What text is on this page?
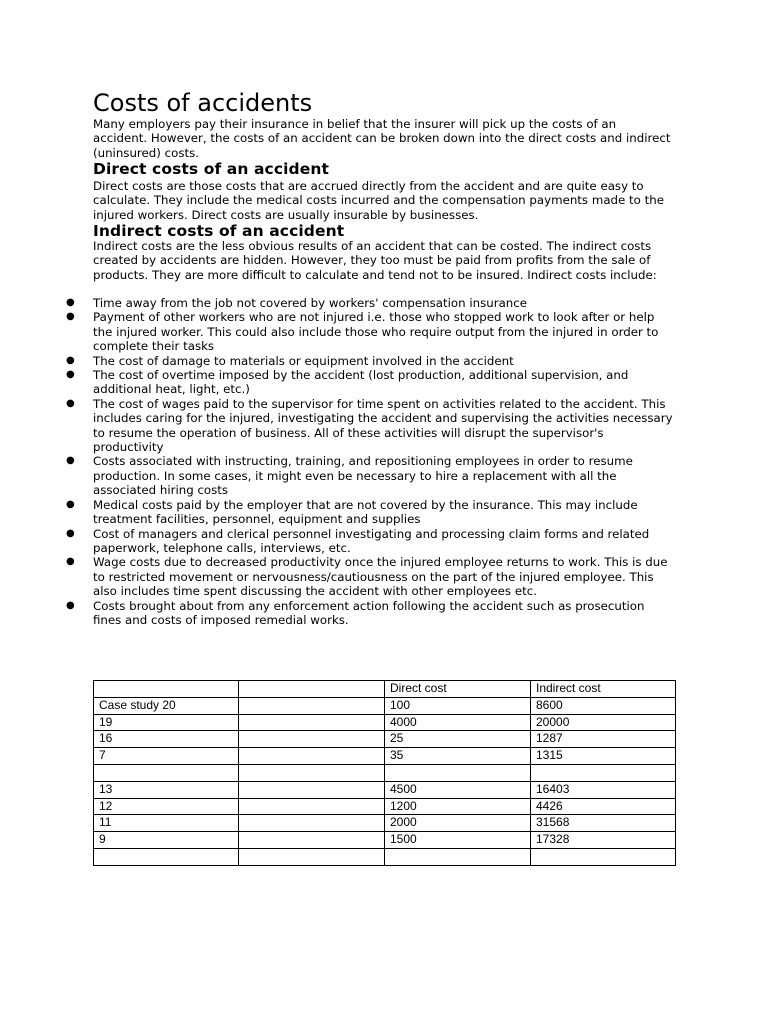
Costs of accidents

Many employers pay their insurance in belief that the insurer will pick up the costs of an accident. However, the costs of an accident can be broken down into the direct costs and indirect (uninsured) costs.

Direct costs of an accident

Direct costs are those costs that are accrued directly from the accident and are quite easy to calculate. They include the medical costs incurred and the compensation payments made to the injured workers. Direct costs are usually insurable by businesses.

Indirect costs of an accident

Indirect costs are the less obvious results of an accident that can be costed. The indirect costs created by accidents are hidden. However, they too must be paid from profits from the sale of products. They are more difficult to calculate and tend not to be insured. Indirect costs include:

● Time away from the job not covered by workers' compensation insurance
● Payment of other workers who are not injured i.e. those who stopped work to look after or help the injured worker. This could also include those who require output from the injured in order to complete their tasks
● The cost of damage to materials or equipment involved in the accident
● The cost of overtime imposed by the accident (lost production, additional supervision, and additional heat, light, etc.)
● The cost of wages paid to the supervisor for time spent on activities related to the accident. This includes caring for the injured, investigating the accident and supervising the activities necessary to resume the operation of business. All of these activities will disrupt the supervisor's productivity
● Costs associated with instructing, training, and repositioning employees in order to resume production. In some cases, it might even be necessary to hire a replacement with all the associated hiring costs
● Medical costs paid by the employer that are not covered by the insurance. This may include treatment facilities, personnel, equipment and supplies
● Cost of managers and clerical personnel investigating and processing claim forms and related paperwork, telephone calls, interviews, etc.
● Wage costs due to decreased productivity once the injured employee returns to work. This is due to restricted movement or nervousness/cautiousness on the part of the injured employee. This also includes time spent discussing the accident with other employees etc.
● Costs brought about from any enforcement action following the accident such as prosecution fines and costs of imposed remedial works.
		Direct cost	Indirect cost
Case study 20		100	8600
19		4000	20000
16		25	1287
7		35	1315

13		4500	16403
12		1200	4426
11		2000	31568
9		1500	17328
